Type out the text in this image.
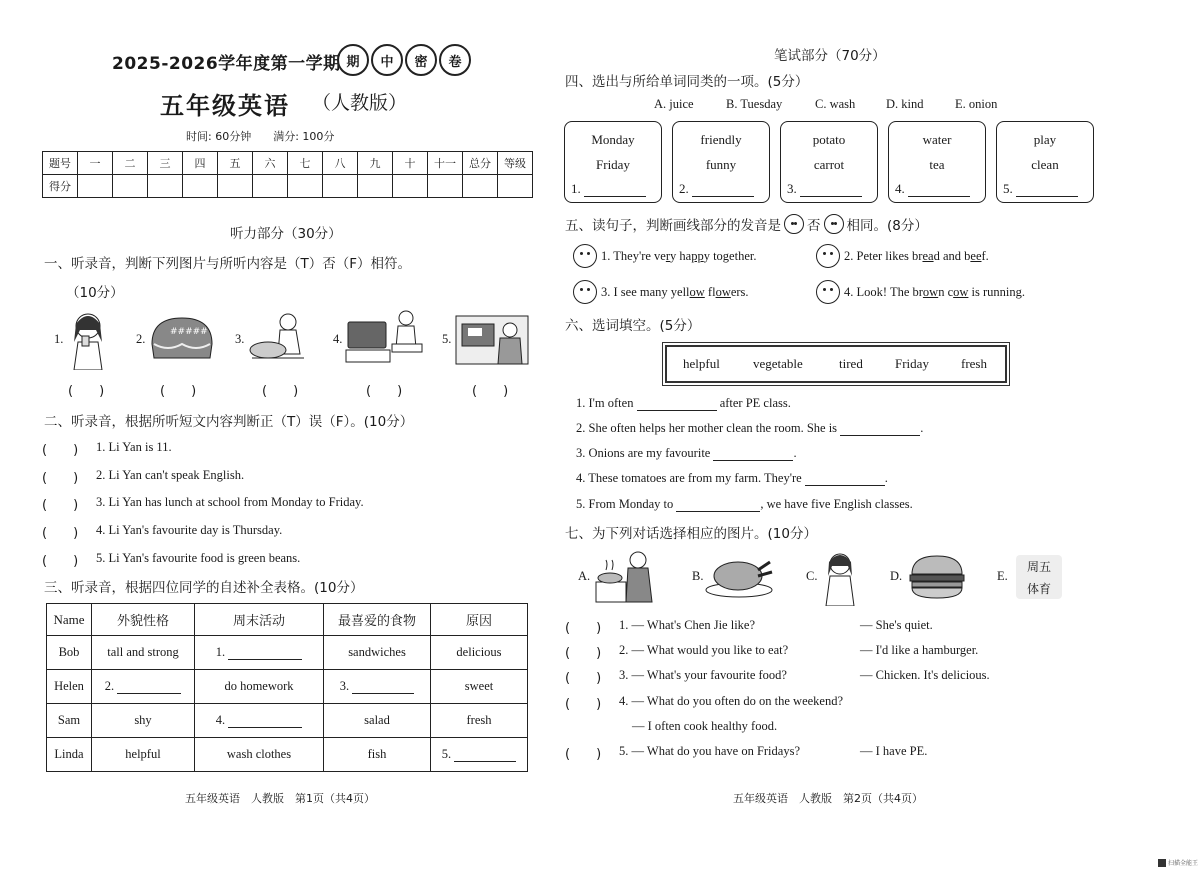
2025-2026学年度第一学期 期	中	密	卷
五年级英语 （人教版）
时间: 60分钟　　满分: 100分
题号	一	二	三	四	五	六	七	八	九	十	十一	总分	等级
得分													
听力部分（30分）
一、听录音，判断下列图片与所听内容是（T）否（F）相符。
（10分）
1.	2.	##### 3.	4.	5.
(　　)	(　　)	(　　)	(　　)	(　　)
二、听录音，根据所听短文内容判断正（T）误（F）。(10分）
(　　) 1. Li Yan is 11.
(　　) 2. Li Yan can't speak English.
(　　) 3. Li Yan has lunch at school from Monday to Friday.
(　　) 4. Li Yan's favourite day is Thursday.
(　　) 5. Li Yan's favourite food is green beans.
三、听录音，根据四位同学的自述补全表格。(10分）
Name	外貌性格	周末活动	最喜爱的食物	原因
Bob	tall and strong	1.	sandwiches	delicious
Helen	2.	do homework	3.	sweet
Sam	shy	4.	salad	fresh
Linda	helpful	wash clothes	fish	5.
五年级英语　人教版　第1页（共4页）
笔试部分（70分）
四、选出与所给单词同类的一项。(5分）
A. juice	B. Tuesday	C. wash D. kind	E. onion
Monday
Friday
1.
friendly
funny
2.
potato
carrot
3.
water
tea
4.
play
clean
5.
五、读句子，判断画线部分的发音是 否 相同。(8分）
1. They're very happy together.	2. Peter likes bread and beef.
3. I see many yellow flowers.	4. Look! The brown cow is running.
六、选词填空。(5分）
helpful	vegetable	tired Friday fresh
1. I'm often	after PE class.
2. She often helps her mother clean the room. She is	.
3. Onions are my favourite	.
4. These tomatoes are from my farm. They're	.
5. From Monday to	, we have five English classes.
七、为下列对话选择相应的图片。(10分）
A.	B.	C.	D.	E.
周五
体育
(　　) 1. — What's Chen Jie like?	— She's quiet.
(　　) 2. — What would you like to eat?	— I'd like a hamburger.
(　　) 3. — What's your favourite food?	— Chicken. It's delicious.
(　　) 4. — What do you often do on the weekend?
— I often cook healthy food.
(　　) 5. — What do you have on Fridays?	— I have PE.
五年级英语　人教版　第2页（共4页）
扫描全能王
